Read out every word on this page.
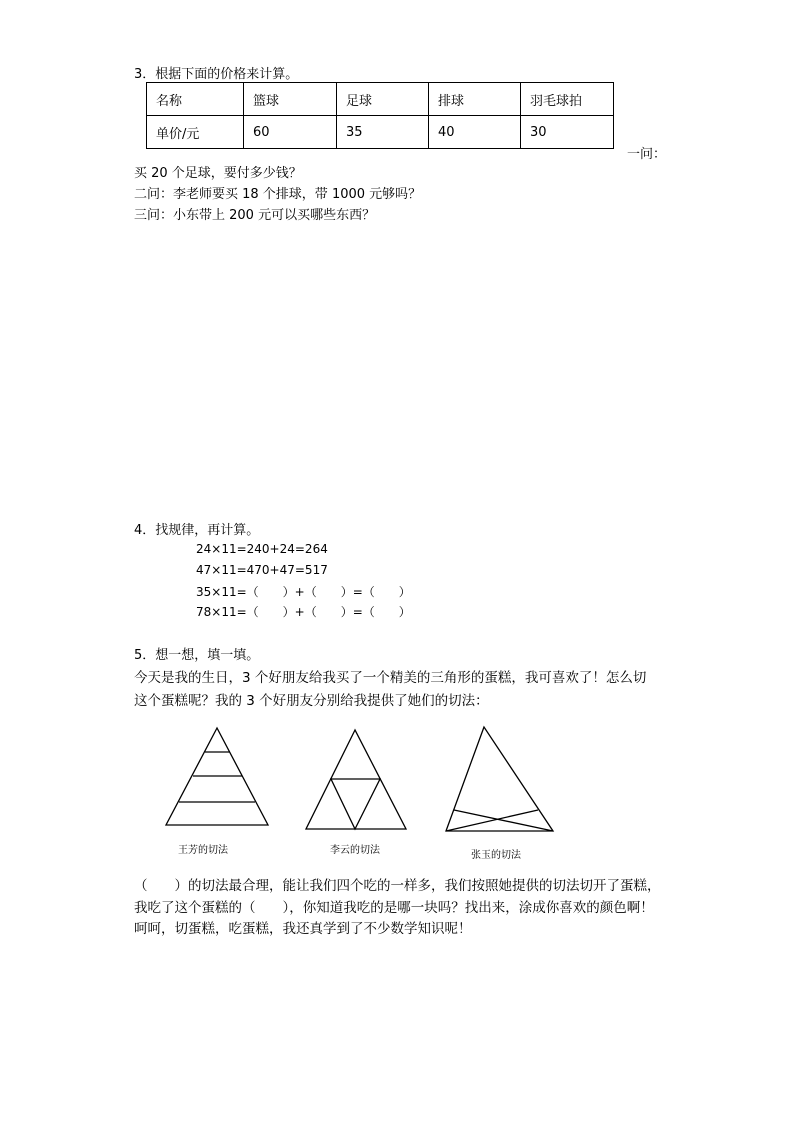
3．根据下面的价格来计算。
名称	篮球	足球	排球	羽毛球拍
单价/元	60	35	40	30
一问：
买 20 个足球，要付多少钱？
二问：李老师要买 18 个排球，带 1000 元够吗？
三问：小东带上 200 元可以买哪些东西？
4．找规律，再计算。
24×11=240+24=264
47×11=470+47=517
35×11=（　　）+（　　）=（　　）
78×11=（　　）+（　　）=（　　）
5．想一想，填一填。
今天是我的生日，3 个好朋友给我买了一个精美的三角形的蛋糕，我可喜欢了！怎么切
这个蛋糕呢？我的 3 个好朋友分别给我提供了她们的切法：
王芳的切法	李云的切法	张玉的切法
（　　）的切法最合理，能让我们四个吃的一样多，我们按照她提供的切法切开了蛋糕，
我吃了这个蛋糕的（　　），你知道我吃的是哪一块吗？找出来，涂成你喜欢的颜色啊！
呵呵，切蛋糕，吃蛋糕，我还真学到了不少数学知识呢！
